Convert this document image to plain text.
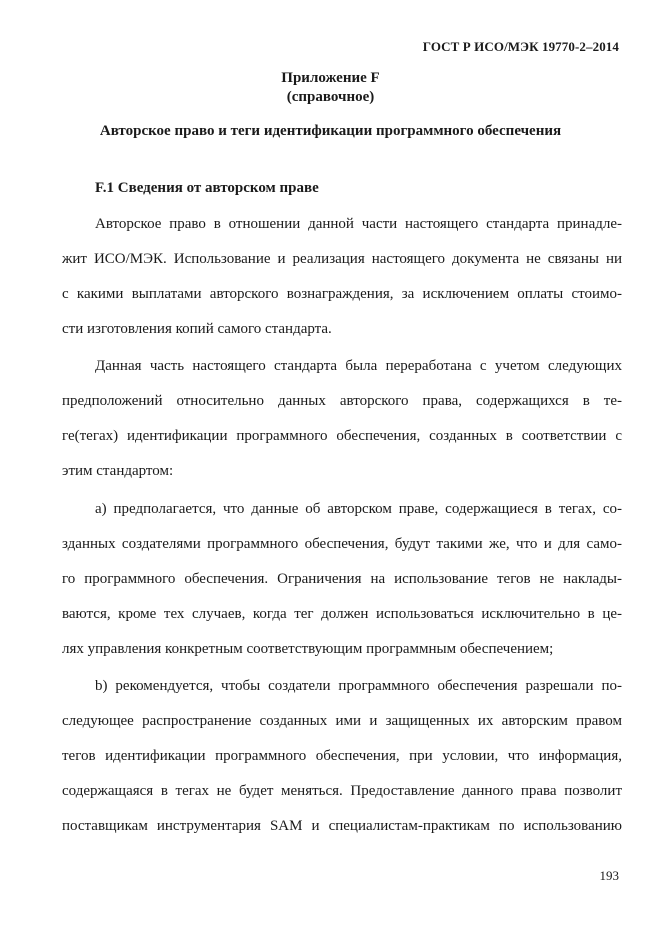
ГОСТ Р ИСО/МЭК 19770-2–2014
Приложение F
(справочное)
Авторское право и теги идентификации программного обеспечения
F.1 Сведения от авторском праве
Авторское право в отношении данной части настоящего стандарта принадле-
жит ИСО/МЭК. Использование и реализация настоящего документа не связаны ни
с какими выплатами авторского вознаграждения, за исключением оплаты стоимо-
сти изготовления копий самого стандарта.
Данная часть настоящего стандарта была переработана с учетом следующих
предположений относительно данных авторского права, содержащихся в те-
ге(тегах) идентификации программного обеспечения, созданных в соответствии с
этим стандартом:
а) предполагается, что данные об авторском праве, содержащиеся в тегах, со-
зданных создателями программного обеспечения, будут такими же, что и для само-
го программного обеспечения. Ограничения на использование тегов не наклады-
ваются, кроме тех случаев, когда тег должен использоваться исключительно в це-
лях управления конкретным соответствующим программным обеспечением;
b) рекомендуется, чтобы создатели программного обеспечения разрешали по-
следующее распространение созданных ими и защищенных их авторским правом
тегов идентификации программного обеспечения, при условии, что информация,
содержащаяся в тегах не будет меняться. Предоставление данного права позволит
поставщикам инструментария SAM и специалистам-практикам по использованию
193
